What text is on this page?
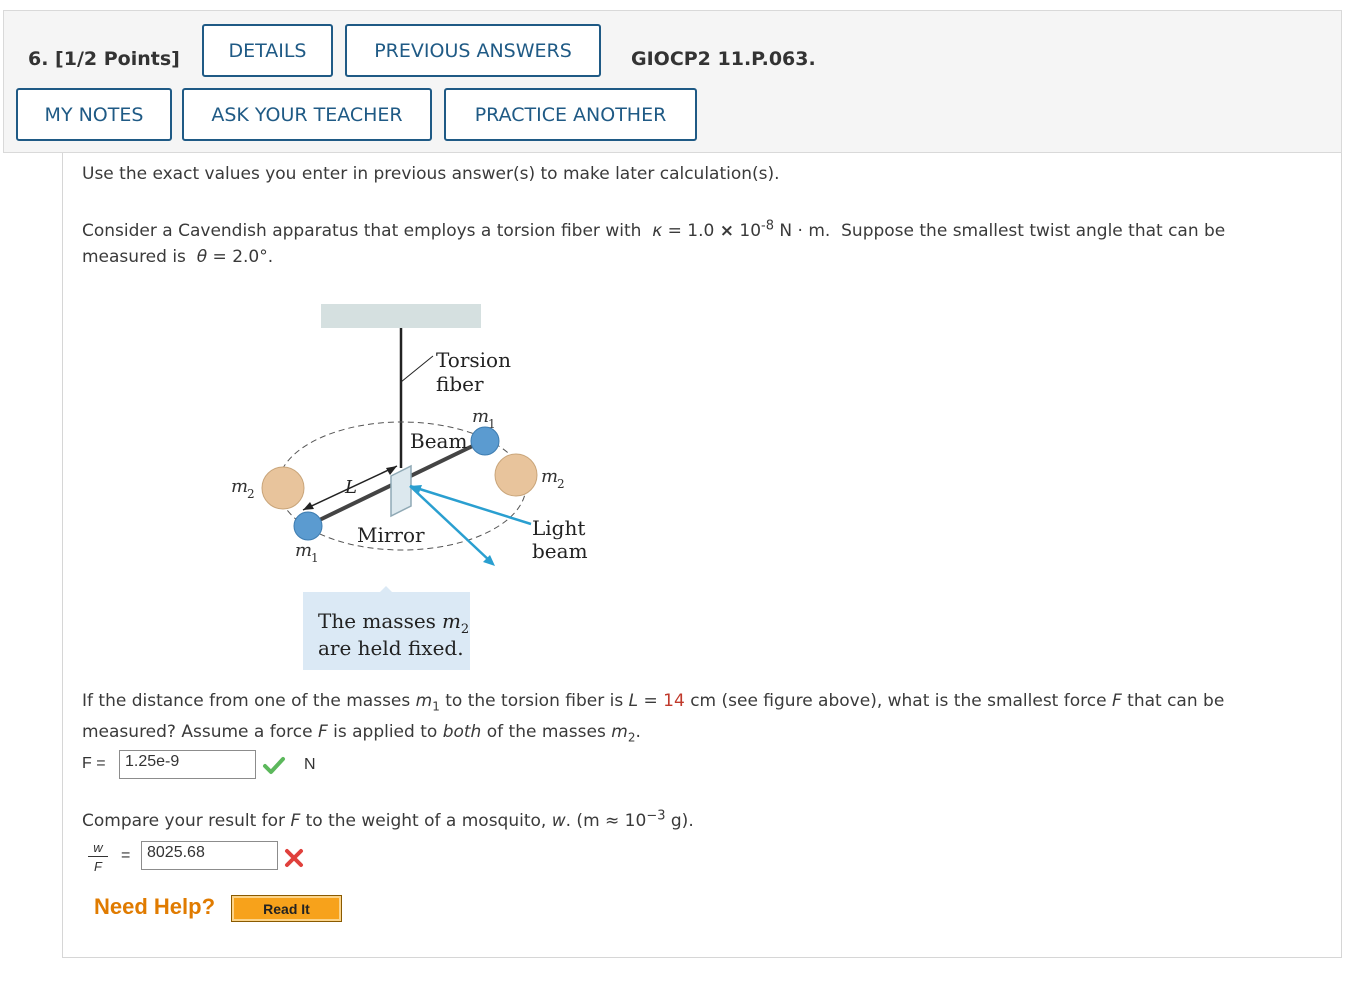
6. [1/2 Points]	DETAILS	PREVIOUS ANSWERS	GIOCP2 11.P.063.
MY NOTES	ASK YOUR TEACHER	PRACTICE ANOTHER
Use the exact values you enter in previous answer(s) to make later calculation(s).
Consider a Cavendish apparatus that employs a torsion fiber with $\kappa = 1.0 \times 10^{-8}$ N · m. Suppose the smallest twist angle that can be
measured is θ = 2.0°.
Torsion
fiber
Beam
Mirror
L
Light
beam
m
2
m
2
m
1
m
1
The masses $m_2$
are held fixed.
If the distance from one of the masses $m_1$ to the torsion fiber is L = 14 cm (see figure above), what is the smallest force F that can be
measured? Assume a force F is applied to both of the masses $m_2$.
F =	1.25e-9	N
Compare your result for F to the weight of a mosquito, w. ($m \approx 10^{-3}$ g).
w
F
=	8025.68
Need Help?	Read It
